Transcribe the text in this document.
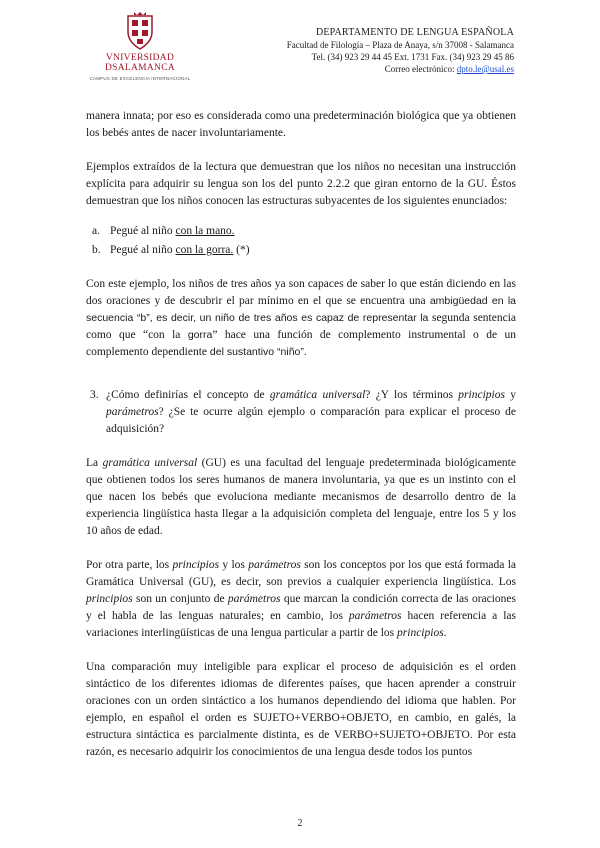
VNIVERSIDAD
DSALAMANCA
CAMPUS DE EXCELENCIA INTERNACIONAL
DEPARTAMENTO DE LENGUA ESPAÑOLA
Facultad de Filología – Plaza de Anaya, s/n 37008 - Salamanca
Tel. (34) 923 29 44 45 Ext. 1731 Fax. (34) 923 29 45 86
Correo electrónico: dpto.le@usal.es

manera innata; por eso es considerada como una predeterminación biológica que ya obtienen los bebés antes de nacer involuntariamente.

Ejemplos extraídos de la lectura que demuestran que los niños no necesitan una instrucción explícita para adquirir su lengua son los del punto 2.2.2 que giran entorno de la GU. Éstos demuestran que los niños conocen las estructuras subyacentes de los siguientes enunciados:

a. Pegué al niño con la mano.
b. Pegué al niño con la gorra. (*)

Con este ejemplo, los niños de tres años ya son capaces de saber lo que están diciendo en las dos oraciones y de descubrir el par mínimo en el que se encuentra una ambigüedad en la secuencia “b”, es decir, un niño de tres años es capaz de representar la segunda sentencia como que “con la gorra” hace una función de complemento instrumental o de un complemento dependiente del sustantivo “niño”.

3. ¿Cómo definirías el concepto de gramática universal? ¿Y los términos principios y parámetros? ¿Se te ocurre algún ejemplo o comparación para explicar el proceso de adquisición?

La gramática universal (GU) es una facultad del lenguaje predeterminada biológicamente que obtienen todos los seres humanos de manera involuntaria, ya que es un instinto con el que nacen los bebés que evoluciona mediante mecanismos de desarrollo dentro de la experiencia lingüística hasta llegar a la adquisición completa del lenguaje, entre los 5 y los 10 años de edad.

Por otra parte, los principios y los parámetros son los conceptos por los que está formada la Gramática Universal (GU), es decir, son previos a cualquier experiencia lingüística. Los principios son un conjunto de parámetros que marcan la condición correcta de las oraciones y el habla de las lenguas naturales; en cambio, los parámetros hacen referencia a las variaciones interlingüísticas de una lengua particular a partir de los principios.

Una comparación muy inteligible para explicar el proceso de adquisición es el orden sintáctico de los diferentes idiomas de diferentes países, que hacen aprender a construir oraciones con un orden sintáctico a los humanos dependiendo del idioma que hablen. Por ejemplo, en español el orden es SUJETO+VERBO+OBJETO, en cambio, en galés, la estructura sintáctica es parcialmente distinta, es de VERBO+SUJETO+OBJETO. Por esta razón, es necesario adquirir los conocimientos de una lengua desde todos los puntos

2
